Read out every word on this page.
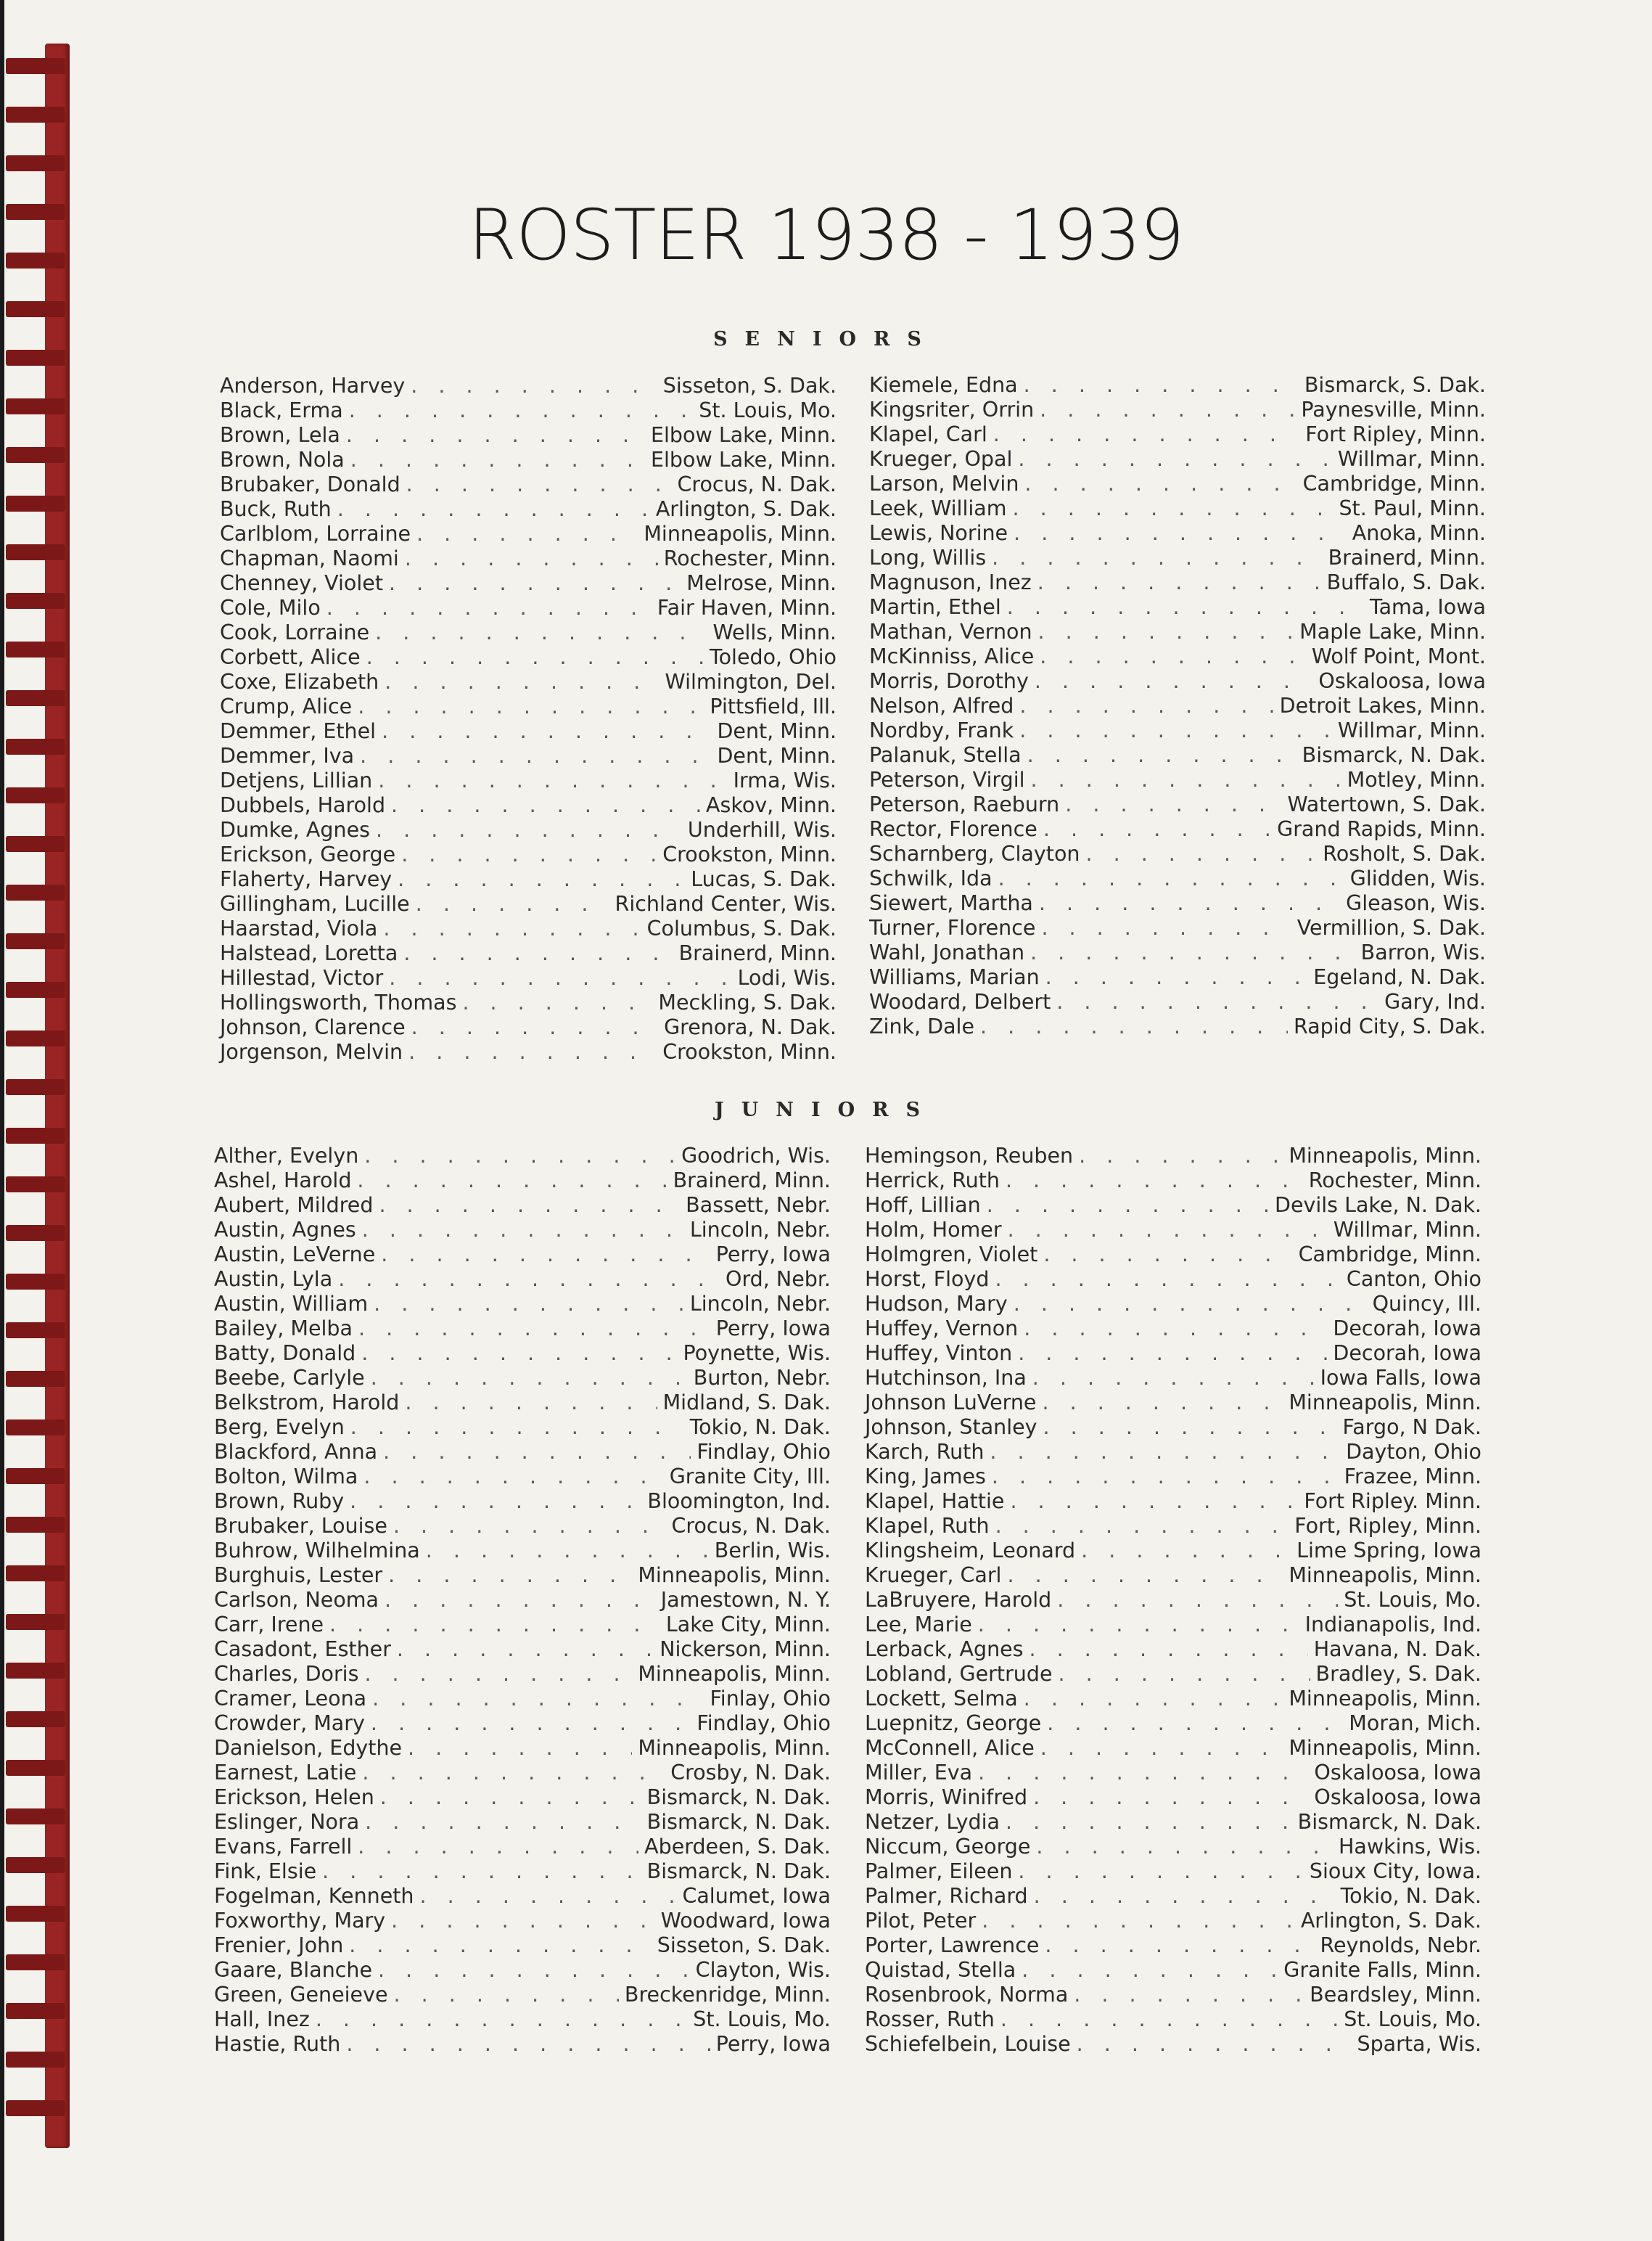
ROSTER 1938 - 1939
SENIORS
Anderson, Harvey . . .	Sisseton, S. Dak.
Black, Erma . . .	St. Louis, Mo.
Brown, Lela . . .	Elbow Lake, Minn.
Brown, Nola . . .	Elbow Lake, Minn.
Brubaker, Donald . . .	Crocus, N. Dak.
Buck, Ruth . . .	Arlington, S. Dak.
Carlblom, Lorraine . . .	Minneapolis, Minn.
Chapman, Naomi . . .	Rochester, Minn.
Chenney, Violet . . .	Melrose, Minn.
Cole, Milo . . .	Fair Haven, Minn.
Cook, Lorraine . . .	Wells, Minn.
Corbett, Alice . . .	Toledo, Ohio
Coxe, Elizabeth . . .	Wilmington, Del.
Crump, Alice . . .	Pittsfield, Ill.
Demmer, Ethel . . .	Dent, Minn.
Demmer, Iva . . .	Dent, Minn.
Detjens, Lillian . . .	Irma, Wis.
Dubbels, Harold . . .	Askov, Minn.
Dumke, Agnes . . .	Underhill, Wis.
Erickson, George . . .	Crookston, Minn.
Flaherty, Harvey . . .	Lucas, S. Dak.
Gillingham, Lucille . . .	Richland Center, Wis.
Haarstad, Viola . . .	Columbus, S. Dak.
Halstead, Loretta . . .	Brainerd, Minn.
Hillestad, Victor . . .	Lodi, Wis.
Hollingsworth, Thomas . . .	Meckling, S. Dak.
Johnson, Clarence . . .	Grenora, N. Dak.
Jorgenson, Melvin . . .	Crookston, Minn.
Kiemele, Edna . . .	Bismarck, S. Dak.
Kingsriter, Orrin . . .	Paynesville, Minn.
Klapel, Carl . . .	Fort Ripley, Minn.
Krueger, Opal . . .	Willmar, Minn.
Larson, Melvin . . .	Cambridge, Minn.
Leek, William . . .	St. Paul, Minn.
Lewis, Norine . . .	Anoka, Minn.
Long, Willis . . .	Brainerd, Minn.
Magnuson, Inez . . .	Buffalo, S. Dak.
Martin, Ethel . . .	Tama, Iowa
Mathan, Vernon . . .	Maple Lake, Minn.
McKinniss, Alice . . .	Wolf Point, Mont.
Morris, Dorothy . . .	Oskaloosa, Iowa
Nelson, Alfred . . .	Detroit Lakes, Minn.
Nordby, Frank . . .	Willmar, Minn.
Palanuk, Stella . . .	Bismarck, N. Dak.
Peterson, Virgil . . .	Motley, Minn.
Peterson, Raeburn . . .	Watertown, S. Dak.
Rector, Florence . . .	Grand Rapids, Minn.
Scharnberg, Clayton . . .	Rosholt, S. Dak.
Schwilk, Ida . . .	Glidden, Wis.
Siewert, Martha . . .	Gleason, Wis.
Turner, Florence . . .	Vermillion, S. Dak.
Wahl, Jonathan . . .	Barron, Wis.
Williams, Marian . . .	Egeland, N. Dak.
Woodard, Delbert . . .	Gary, Ind.
Zink, Dale . . .	Rapid City, S. Dak.
JUNIORS
Alther, Evelyn . . .	Goodrich, Wis.
Ashel, Harold . . .	Brainerd, Minn.
Aubert, Mildred . . .	Bassett, Nebr.
Austin, Agnes . . .	Lincoln, Nebr.
Austin, LeVerne . . .	Perry, Iowa
Austin, Lyla . . .	Ord, Nebr.
Austin, William . . .	Lincoln, Nebr.
Bailey, Melba . . .	Perry, Iowa
Batty, Donald . . .	Poynette, Wis.
Beebe, Carlyle . . .	Burton, Nebr.
Belkstrom, Harold . . .	Midland, S. Dak.
Berg, Evelyn . . .	Tokio, N. Dak.
Blackford, Anna . . .	Findlay, Ohio
Bolton, Wilma . . .	Granite City, Ill.
Brown, Ruby . . .	Bloomington, Ind.
Brubaker, Louise . . .	Crocus, N. Dak.
Buhrow, Wilhelmina . . .	Berlin, Wis.
Burghuis, Lester . . .	Minneapolis, Minn.
Carlson, Neoma . . .	Jamestown, N. Y.
Carr, Irene . . .	Lake City, Minn.
Casadont, Esther . . .	Nickerson, Minn.
Charles, Doris . . .	Minneapolis, Minn.
Cramer, Leona . . .	Finlay, Ohio
Crowder, Mary . . .	Findlay, Ohio
Danielson, Edythe . . .	Minneapolis, Minn.
Earnest, Latie . . .	Crosby, N. Dak.
Erickson, Helen . . .	Bismarck, N. Dak.
Eslinger, Nora . . .	Bismarck, N. Dak.
Evans, Farrell . . .	Aberdeen, S. Dak.
Fink, Elsie . . .	Bismarck, N. Dak.
Fogelman, Kenneth . . .	Calumet, Iowa
Foxworthy, Mary . . .	Woodward, Iowa
Frenier, John . . .	Sisseton, S. Dak.
Gaare, Blanche . . .	Clayton, Wis.
Green, Geneieve . . .	Breckenridge, Minn.
Hall, Inez . . .	St. Louis, Mo.
Hastie, Ruth . . .	Perry, Iowa
Hemingson, Reuben . . .	Minneapolis, Minn.
Herrick, Ruth . . .	Rochester, Minn.
Hoff, Lillian . . .	Devils Lake, N. Dak.
Holm, Homer . . .	Willmar, Minn.
Holmgren, Violet . . .	Cambridge, Minn.
Horst, Floyd . . .	Canton, Ohio
Hudson, Mary . . .	Quincy, Ill.
Huffey, Vernon . . .	Decorah, Iowa
Huffey, Vinton . . .	Decorah, Iowa
Hutchinson, Ina . . .	Iowa Falls, Iowa
Johnson LuVerne . . .	Minneapolis, Minn.
Johnson, Stanley . . .	Fargo, N Dak.
Karch, Ruth . . .	Dayton, Ohio
King, James . . .	Frazee, Minn.
Klapel, Hattie . . .	Fort Ripley. Minn.
Klapel, Ruth . . .	Fort, Ripley, Minn.
Klingsheim, Leonard . . .	Lime Spring, Iowa
Krueger, Carl . . .	Minneapolis, Minn.
LaBruyere, Harold . . .	St. Louis, Mo.
Lee, Marie . . .	Indianapolis, Ind.
Lerback, Agnes . . .	Havana, N. Dak.
Lobland, Gertrude . . .	Bradley, S. Dak.
Lockett, Selma . . .	Minneapolis, Minn.
Luepnitz, George . . .	Moran, Mich.
McConnell, Alice . . .	Minneapolis, Minn.
Miller, Eva . . .	Oskaloosa, Iowa
Morris, Winifred . . .	Oskaloosa, Iowa
Netzer, Lydia . . .	Bismarck, N. Dak.
Niccum, George . . .	Hawkins, Wis.
Palmer, Eileen . . .	Sioux City, Iowa.
Palmer, Richard . . .	Tokio, N. Dak.
Pilot, Peter . . .	Arlington, S. Dak.
Porter, Lawrence . . .	Reynolds, Nebr.
Quistad, Stella . . .	Granite Falls, Minn.
Rosenbrook, Norma . . .	Beardsley, Minn.
Rosser, Ruth . . .	St. Louis, Mo.
Schiefelbein, Louise . . .	Sparta, Wis.
